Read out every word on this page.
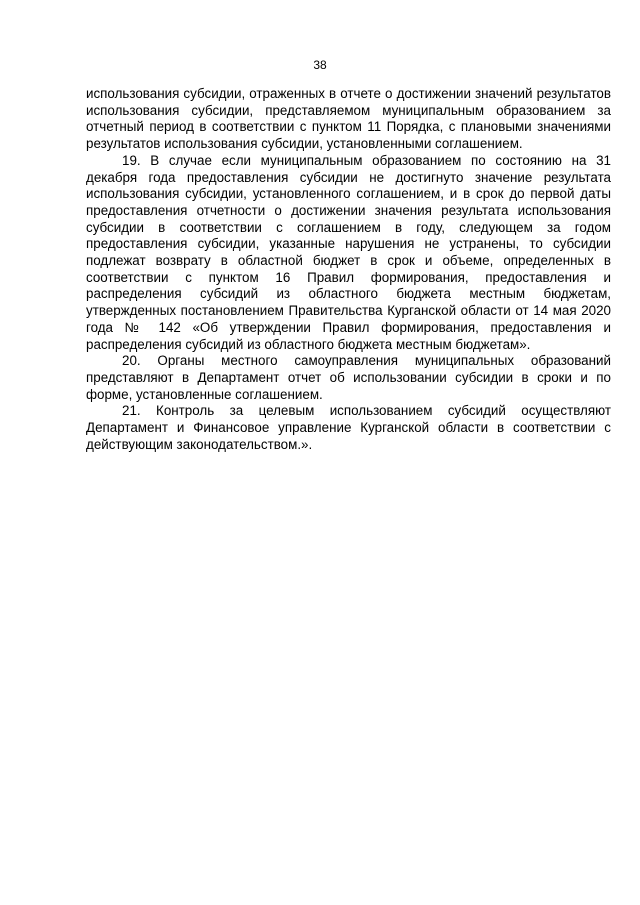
38

использования субсидии, отраженных в отчете о достижении значений результатов использования субсидии, представляемом муниципальным образованием за отчетный период в соответствии с пунктом 11 Порядка, с плановыми значениями результатов использования субсидии, установленными соглашением.

19. В случае если муниципальным образованием по состоянию на 31 декабря года предоставления субсидии не достигнуто значение результата использования субсидии, установленного соглашением, и в срок до первой даты предоставления отчетности о достижении значения результата использования субсидии в соответствии с соглашением в году, следующем за годом предоставления субсидии, указанные нарушения не устранены, то субсидии подлежат возврату в областной бюджет в срок и объеме, определенных в соответствии с пунктом 16 Правил формирования, предоставления и распределения субсидий из областного бюджета местным бюджетам, утвержденных постановлением Правительства Курганской области от 14 мая 2020 года № 142 «Об утверждении Правил формирования, предоставления и распределения субсидий из областного бюджета местным бюджетам».

20. Органы местного самоуправления муниципальных образований представляют в Департамент отчет об использовании субсидии в сроки и по форме, установленные соглашением.

21. Контроль за целевым использованием субсидий осуществляют Департамент и Финансовое управление Курганской области в соответствии с действующим законодательством.».
